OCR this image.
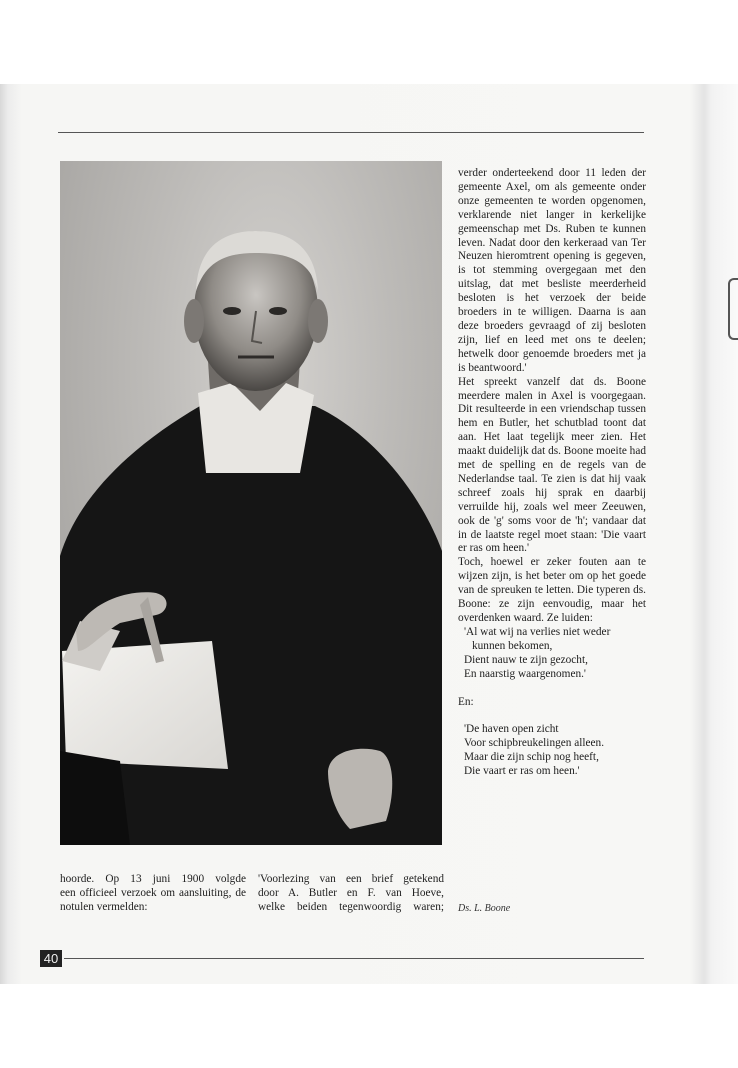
verder onderteekend door 11 leden der gemeente Axel, om als gemeente onder onze gemeenten te worden opgenomen, verklarende niet langer in kerkelijke gemeenschap met Ds. Ruben te kunnen leven. Nadat door den kerkeraad van Ter Neuzen hieromtrent opening is gegeven, is tot stemming overgegaan met den uitslag, dat met besliste meerderheid besloten is het verzoek der beide broeders in te willigen. Daarna is aan deze broeders gevraagd of zij besloten zijn, lief en leed met ons te deelen; hetwelk door genoemde broeders met ja is beantwoord.'

Het spreekt vanzelf dat ds. Boone meerdere malen in Axel is voorgegaan. Dit resulteerde in een vriendschap tussen hem en Butler, het schutblad toont dat aan. Het laat tegelijk meer zien. Het maakt duidelijk dat ds. Boone moeite had met de spelling en de regels van de Nederlandse taal. Te zien is dat hij vaak schreef zoals hij sprak en daarbij verruilde hij, zoals wel meer Zeeuwen, ook de 'g' soms voor de 'h'; vandaar dat in de laatste regel moet staan: 'Die vaart er ras om heen.'

Toch, hoewel er zeker fouten aan te wijzen zijn, is het beter om op het goede van de spreuken te letten. Die typeren ds. Boone: ze zijn eenvoudig, maar het overdenken waard. Ze luiden:

'Al wat wij na verlies niet weder
kunnen bekomen,
Dient nauw te zijn gezocht,
En naarstig waargenomen.'
En:
'De haven open zicht
Voor schipbreukelingen alleen.
Maar die zijn schip nog heeft,
Die vaart er ras om heen.'
Ds. L. Boone
hoorde. Op 13 juni 1900 volgde
een officieel verzoek om aansluiting, de notulen vermelden:
'Voorlezing van een brief getekend
door A. Butler en F. van Hoeve,
welke beiden tegenwoordig waren;
40
